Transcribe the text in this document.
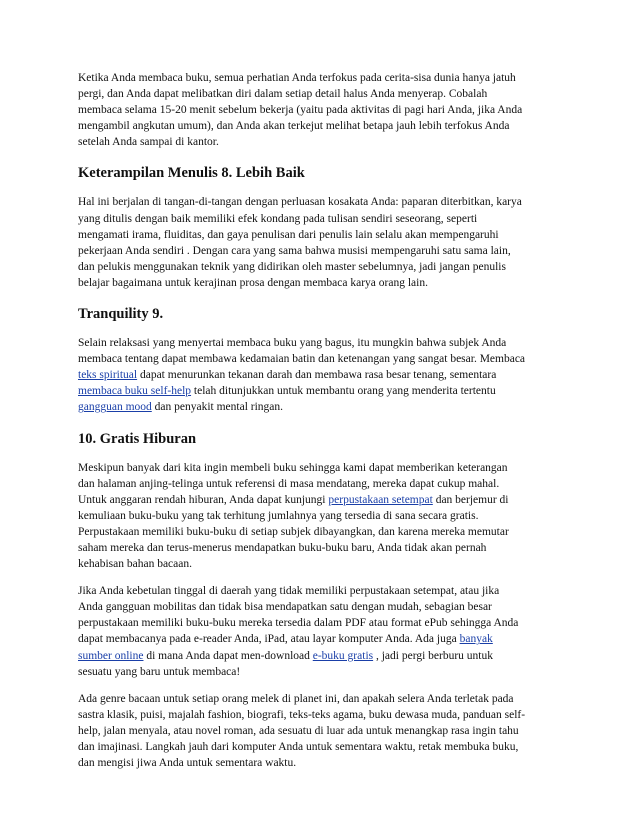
Ketika Anda membaca buku, semua perhatian Anda terfokus pada cerita-sisa dunia hanya jatuh
pergi, dan Anda dapat melibatkan diri dalam setiap detail halus Anda menyerap. Cobalah
membaca selama 15-20 menit sebelum bekerja (yaitu pada aktivitas di pagi hari Anda, jika Anda
mengambil angkutan umum), dan Anda akan terkejut melihat betapa jauh lebih terfokus Anda
setelah Anda sampai di kantor.
Keterampilan Menulis 8. Lebih Baik
Hal ini berjalan di tangan-di-tangan dengan perluasan kosakata Anda: paparan diterbitkan, karya
yang ditulis dengan baik memiliki efek kondang pada tulisan sendiri seseorang, seperti
mengamati irama, fluiditas, dan gaya penulisan dari penulis lain selalu akan mempengaruhi
pekerjaan Anda sendiri . Dengan cara yang sama bahwa musisi mempengaruhi satu sama lain,
dan pelukis menggunakan teknik yang didirikan oleh master sebelumnya, jadi jangan penulis
belajar bagaimana untuk kerajinan prosa dengan membaca karya orang lain.
Tranquility 9.
Selain relaksasi yang menyertai membaca buku yang bagus, itu mungkin bahwa subjek Anda
membaca tentang dapat membawa kedamaian batin dan ketenangan yang sangat besar. Membaca
teks spiritual dapat menurunkan tekanan darah dan membawa rasa besar tenang, sementara
membaca buku self-help telah ditunjukkan untuk membantu orang yang menderita tertentu
gangguan mood dan penyakit mental ringan.
10. Gratis Hiburan
Meskipun banyak dari kita ingin membeli buku sehingga kami dapat memberikan keterangan
dan halaman anjing-telinga untuk referensi di masa mendatang, mereka dapat cukup mahal.
Untuk anggaran rendah hiburan, Anda dapat kunjungi perpustakaan setempat dan berjemur di
kemuliaan buku-buku yang tak terhitung jumlahnya yang tersedia di sana secara gratis.
Perpustakaan memiliki buku-buku di setiap subjek dibayangkan, dan karena mereka memutar
saham mereka dan terus-menerus mendapatkan buku-buku baru, Anda tidak akan pernah
kehabisan bahan bacaan.
Jika Anda kebetulan tinggal di daerah yang tidak memiliki perpustakaan setempat, atau jika
Anda gangguan mobilitas dan tidak bisa mendapatkan satu dengan mudah, sebagian besar
perpustakaan memiliki buku-buku mereka tersedia dalam PDF atau format ePub sehingga Anda
dapat membacanya pada e-reader Anda, iPad, atau layar komputer Anda. Ada juga banyak
sumber online di mana Anda dapat men-download e-buku gratis , jadi pergi berburu untuk
sesuatu yang baru untuk membaca!
Ada genre bacaan untuk setiap orang melek di planet ini, dan apakah selera Anda terletak pada
sastra klasik, puisi, majalah fashion, biografi, teks-teks agama, buku dewasa muda, panduan self-
help, jalan menyala, atau novel roman, ada sesuatu di luar ada untuk menangkap rasa ingin tahu
dan imajinasi. Langkah jauh dari komputer Anda untuk sementara waktu, retak membuka buku,
dan mengisi jiwa Anda untuk sementara waktu.
